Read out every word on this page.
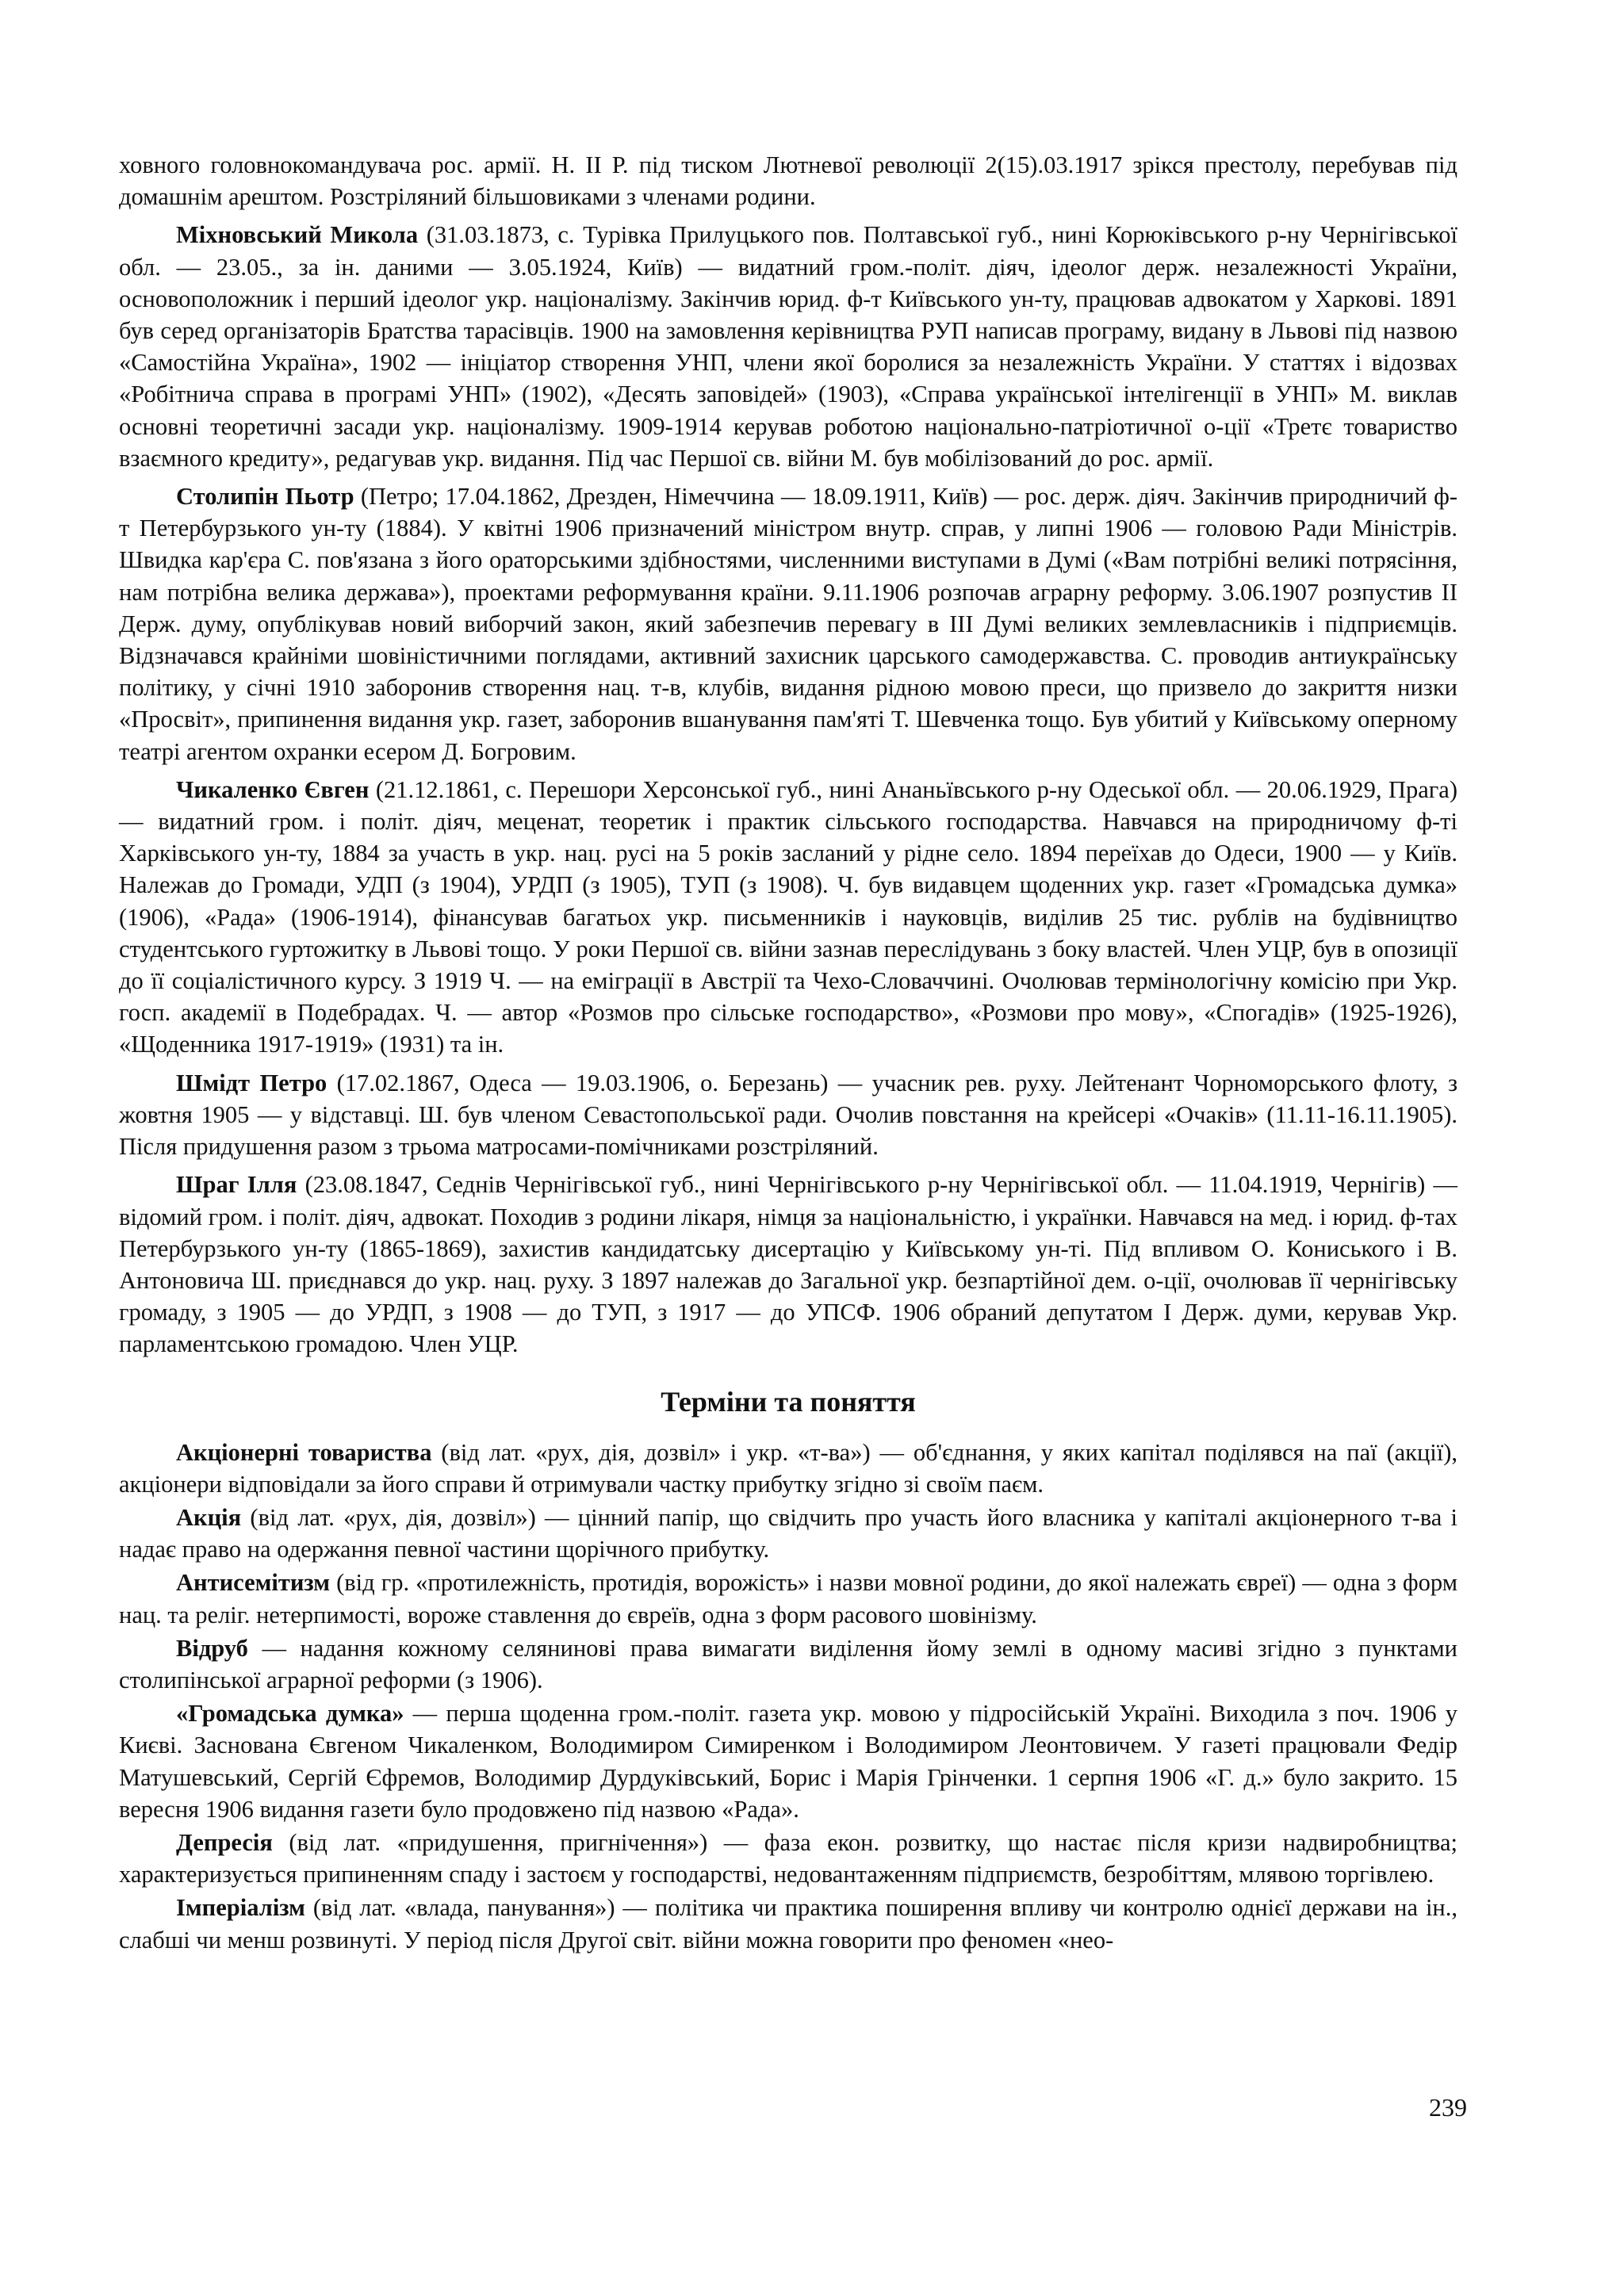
ховного головнокомандувача рос. армії. Н. II Р. під тиском Лютневої революції 2(15).03.1917 зрікся престолу, перебував під домашнім арештом. Розстріляний більшовиками з членами родини.

Міхновський Микола (31.03.1873, с. Турівка Прилуцького пов. Полтавської губ., нині Корюківського р-ну Чернігівської обл. — 23.05., за ін. даними — 3.05.1924, Київ) — видатний гром.-політ. діяч, ідеолог держ. незалежності України, основоположник і перший ідеолог укр. націоналізму. Закінчив юрид. ф-т Київського ун-ту, працював адвокатом у Харкові. 1891 був серед організаторів Братства тарасівців. 1900 на замовлення керівництва РУП написав програму, видану в Львові під назвою «Самостійна Україна», 1902 — ініціатор створення УНП, члени якої боролися за незалежність України. У статтях і відозвах «Робітнича справа в програмі УНП» (1902), «Десять заповідей» (1903), «Справа української інтелігенції в УНП» М. виклав основні теоретичні засади укр. націоналізму. 1909-1914 керував роботою національно-патріотичної о-ції «Третє товариство взаємного кредиту», редагував укр. видання. Під час Першої св. війни М. був мобілізований до рос. армії.

Столипін Пьотр (Петро; 17.04.1862, Дрезден, Німеччина — 18.09.1911, Київ) — рос. держ. діяч. Закінчив природничий ф-т Петербурзького ун-ту (1884). У квітні 1906 призначений міністром внутр. справ, у липні 1906 — головою Ради Міністрів. Швидка кар'єра С. пов'язана з його ораторськими здібностями, численними виступами в Думі («Вам потрібні великі потрясіння, нам потрібна велика держава»), проектами реформування країни. 9.11.1906 розпочав аграрну реформу. 3.06.1907 розпустив II Держ. думу, опублікував новий виборчий закон, який забезпечив перевагу в III Думі великих землевласників і підприємців. Відзначався крайніми шовіністичними поглядами, активний захисник царського самодержавства. С. проводив антиукраїнську політику, у січні 1910 заборонив створення нац. т-в, клубів, видання рідною мовою преси, що призвело до закриття низки «Просвіт», припинення видання укр. газет, заборонив вшанування пам'яті Т. Шевченка тощо. Був убитий у Київському оперному театрі агентом охранки есером Д. Богровим.

Чикаленко Євген (21.12.1861, с. Перешори Херсонської губ., нині Ананьївського р-ну Одеської обл. — 20.06.1929, Прага) — видатний гром. і політ. діяч, меценат, теоретик і практик сільського господарства. Навчався на природничому ф-ті Харківського ун-ту, 1884 за участь в укр. нац. русі на 5 років засланий у рідне село. 1894 переїхав до Одеси, 1900 — у Київ. Належав до Громади, УДП (з 1904), УРДП (з 1905), ТУП (з 1908). Ч. був видавцем щоденних укр. газет «Громадська думка» (1906), «Рада» (1906-1914), фінансував багатьох укр. письменників і науковців, виділив 25 тис. рублів на будівництво студентського гуртожитку в Львові тощо. У роки Першої св. війни зазнав переслідувань з боку властей. Член УЦР, був в опозиції до її соціалістичного курсу. З 1919 Ч. — на еміграції в Австрії та Чехо-Словаччині. Очолював термінологічну комісію при Укр. госп. академії в Подебрадах. Ч. — автор «Розмов про сільське господарство», «Розмови про мову», «Спогадів» (1925-1926), «Щоденника 1917-1919» (1931) та ін.

Шмідт Петро (17.02.1867, Одеса — 19.03.1906, о. Березань) — учасник рев. руху. Лейтенант Чорноморського флоту, з жовтня 1905 — у відставці. Ш. був членом Севастопольської ради. Очолив повстання на крейсері «Очаків» (11.11-16.11.1905). Після придушення разом з трьома матросами-помічниками розстріляний.

Шраг Ілля (23.08.1847, Седнів Чернігівської губ., нині Чернігівського р-ну Чернігівської обл. — 11.04.1919, Чернігів) — відомий гром. і політ. діяч, адвокат. Походив з родини лікаря, німця за національністю, і українки. Навчався на мед. і юрид. ф-тах Петербурзького ун-ту (1865-1869), захистив кандидатську дисертацію у Київському ун-ті. Під впливом О. Кониського і В. Антоновича Ш. приєднався до укр. нац. руху. З 1897 належав до Загальної укр. безпартійної дем. о-ції, очолював її чернігівську громаду, з 1905 — до УРДП, з 1908 — до ТУП, з 1917 — до УПСФ. 1906 обраний депутатом І Держ. думи, керував Укр. парламентською громадою. Член УЦР.

Терміни та поняття

Акціонерні товариства (від лат. «рух, дія, дозвіл» і укр. «т-ва») — об'єднання, у яких капітал поділявся на паї (акції), акціонери відповідали за його справи й отримували частку прибутку згідно зі своїм паєм.

Акція (від лат. «рух, дія, дозвіл») — цінний папір, що свідчить про участь його власника у капіталі акціонерного т-ва і надає право на одержання певної частини щорічного прибутку.

Антисемітизм (від гр. «протилежність, протидія, ворожість» і назви мовної родини, до якої належать євреї) — одна з форм нац. та реліг. нетерпимості, вороже ставлення до євреїв, одна з форм расового шовінізму.

Відруб — надання кожному селянинові права вимагати виділення йому землі в одному масиві згідно з пунктами столипінської аграрної реформи (з 1906).

«Громадська думка» — перша щоденна гром.-політ. газета укр. мовою у підросійській Україні. Виходила з поч. 1906 у Києві. Заснована Євгеном Чикаленком, Володимиром Симиренком і Володимиром Леонтовичем. У газеті працювали Федір Матушевський, Сергій Єфремов, Володимир Дурдуківський, Борис і Марія Грінченки. 1 серпня 1906 «Г. д.» було закрито. 15 вересня 1906 видання газети було продовжено під назвою «Рада».

Депресія (від лат. «придушення, пригнічення») — фаза екон. розвитку, що настає після кризи надвиробництва; характеризується припиненням спаду і застоєм у господарстві, недовантаженням підприємств, безробіттям, млявою торгівлею.

Імперіалізм (від лат. «влада, панування») — політика чи практика поширення впливу чи контролю однієї держави на ін., слабші чи менш розвинуті. У період після Другої світ. війни можна говорити про феномен «нео-

239
